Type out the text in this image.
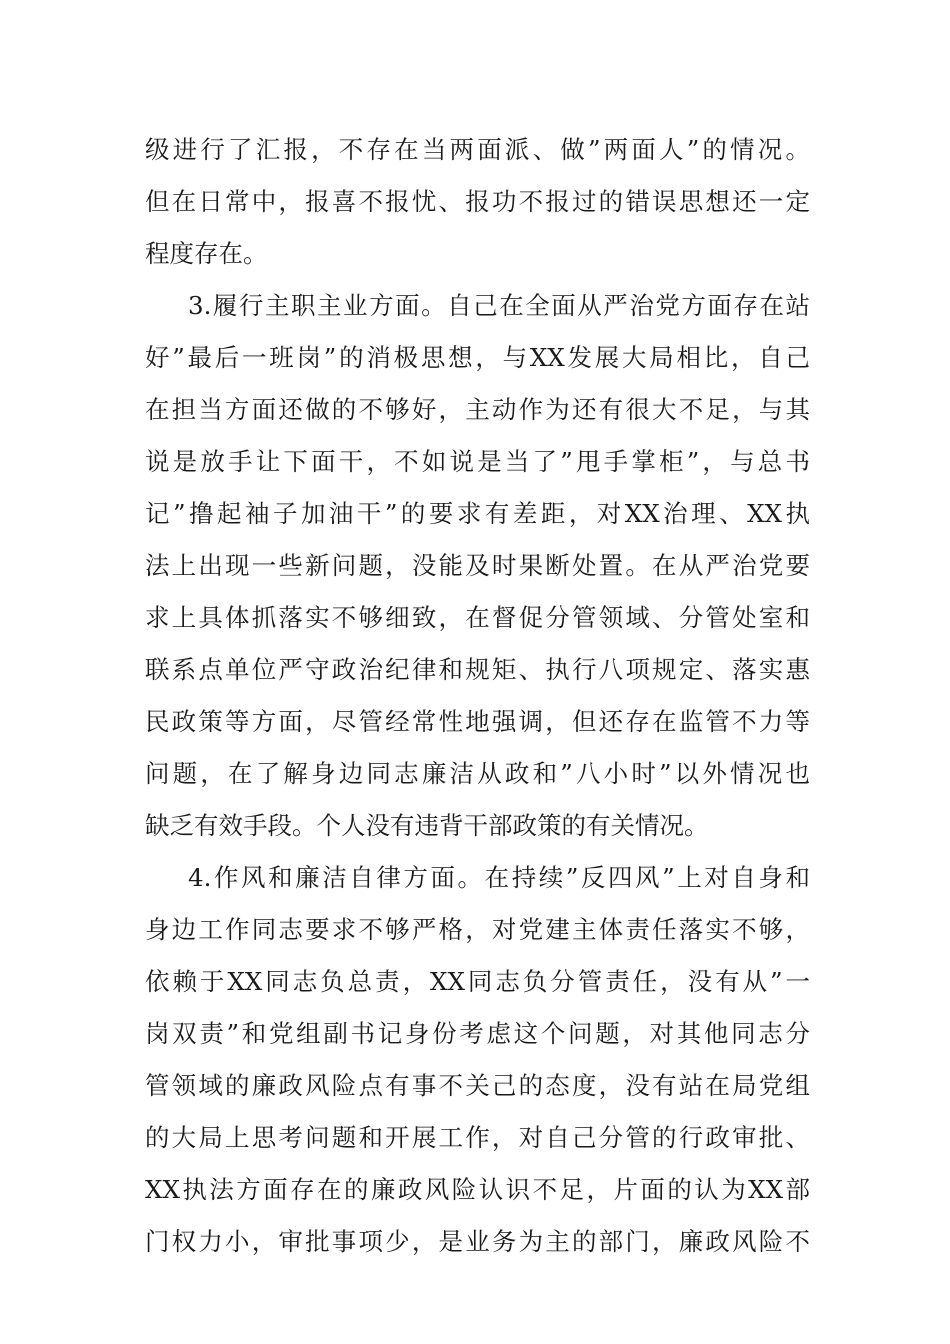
级进行了汇报，不存在当两面派、做”两面人”的情况。
但在日常中，报喜不报忧、报功不报过的错误思想还一定
程度存在。
3.履行主职主业方面。自己在全面从严治党方面存在站
好”最后一班岗”的消极思想，与XX发展大局相比，自己
在担当方面还做的不够好，主动作为还有很大不足，与其
说是放手让下面干，不如说是当了”甩手掌柜”，与总书
记”撸起袖子加油干”的要求有差距，对XX治理、XX执
法上出现一些新问题，没能及时果断处置。在从严治党要
求上具体抓落实不够细致，在督促分管领域、分管处室和
联系点单位严守政治纪律和规矩、执行八项规定、落实惠
民政策等方面，尽管经常性地强调，但还存在监管不力等
问题，在了解身边同志廉洁从政和”八小时”以外情况也
缺乏有效手段。个人没有违背干部政策的有关情况。
4.作风和廉洁自律方面。在持续”反四风”上对自身和
身边工作同志要求不够严格，对党建主体责任落实不够，
依赖于XX同志负总责，XX同志负分管责任，没有从”一
岗双责”和党组副书记身份考虑这个问题，对其他同志分
管领域的廉政风险点有事不关己的态度，没有站在局党组
的大局上思考问题和开展工作，对自己分管的行政审批、
XX执法方面存在的廉政风险认识不足，片面的认为XX部
门权力小，审批事项少，是业务为主的部门，廉政风险不
